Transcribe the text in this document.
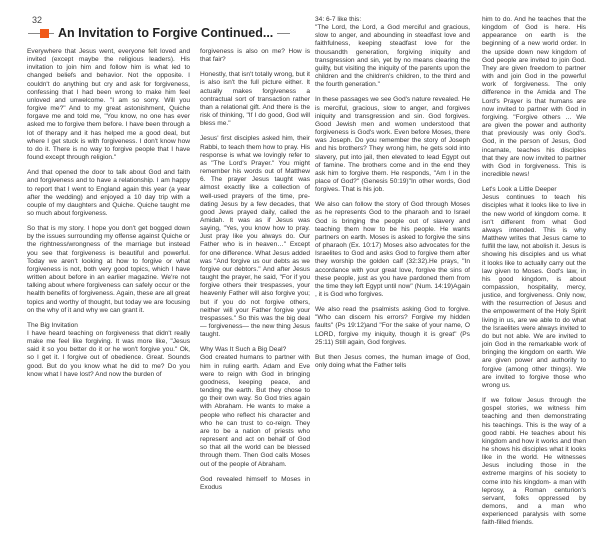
32
An Invitation to Forgive Continued...

Everywhere that Jesus went, everyone felt loved and invited (except maybe the religious leaders). His invitation to join him and follow him is what led to changed beliefs and behavior. Not the opposite. I couldn't do anything but cry and ask for forgiveness, confessing that I had been wrong to make him feel unloved and unwelcome. "I am so sorry. Will you forgive me?" And to my great astonishment, Quiche forgave me and told me, "You know, no one has ever asked me to forgive them before. I have been through a lot of therapy and it has helped me a good deal, but where I get stuck is with forgiveness. I don't know how to do it. There is no way to forgive people that I have found except through religion."

And that opened the door to talk about God and faith and forgiveness and to have a relationship. I am happy to report that I went to England again this year (a year after the wedding) and enjoyed a 10 day trip with a couple of my daughters and Quiche. Quiche taught me so much about forgiveness.

So that is my story. I hope you don't get bogged down by the issues surrounding my offense against Quiche or the rightness/wrongness of the marriage but instead you see that forgiveness is beautiful and powerful. Today we aren't looking at how to forgive or what forgiveness is not, both very good topics, which I have written about before in an earlier magazine. We're not talking about where forgiveness can safely occur or the health benefits of forgiveness. Again, these are all great topics and worthy of thought, but today we are focusing on the why of it and why we can grant it.

The Big Invitation
I have heard teaching on forgiveness that didn't really make me feel like forgiving. It was more like, "Jesus said it so you better do it or he won't forgive you." Ok, so I get it. I forgive out of obedience. Great. Sounds good. But do you know what he did to me? Do you know what I have lost? And now the burden of

forgiveness is also on me? How is that fair?

Honestly, that isn't totally wrong, but it is also isn't the full picture either. It actually makes forgiveness a contractual sort of transaction rather than a relational gift. And there is the risk of thinking, "If I do good, God will bless me."

Jesus' first disciples asked him, their Rabbi, to teach them how to pray. His response is what we lovingly refer to as "The Lord's Prayer." You might remember his words out of Matthew 6. The prayer Jesus taught was almost exactly like a collection of well-used prayers of the time, pre-dating Jesus by a few decades, that good Jews prayed daily, called the Amidah. It was as if Jesus was saying, "Yes, you know how to pray. Just pray like you always do. Our Father who is in heaven…" Except for one difference. What Jesus added was "And forgive us our debts as we forgive our debtors." And after Jesus taught the prayer, he said, "For if you forgive others their trespasses, your heavenly Father will also forgive you; but if you do not forgive others, neither will your Father forgive your trespasses." So this was the big deal— forgiveness— the new thing Jesus taught.

Why Was It Such a Big Deal?
God created humans to partner with him in ruling earth. Adam and Eve were to reign with God in bringing goodness, keeping peace, and tending the earth. But they chose to go their own way. So God tries again with Abraham. He wants to make a people who reflect his character and who he can trust to co-reign. They are to be a nation of priests who represent and act on behalf of God so that all the world can be blessed through them. Then God calls Moses out of the people of Abraham.

God revealed himself to Moses in Exodus

34: 6-7 like this:
"The Lord, the Lord, a God merciful and gracious, slow to anger, and abounding in steadfast love and faithfulness, keeping steadfast love for the thousandth generation, forgiving iniquity and transgression and sin, yet by no means clearing the guilty, but visiting the iniquity of the parents upon the children and the children's children, to the third and the fourth generation."

In these passages we see God's nature revealed. He is merciful, gracious, slow to anger, and forgives iniquity and transgression and sin. God forgives. Good Jewish men and women understood that forgiveness is God's work. Even before Moses, there was Joseph. Do you remember the story of Joseph and his brothers? They wrong him, he gets sold into slavery, put into jail, then elevated to lead Egypt out of famine. The brothers come and in the end they ask him to forgive them. He responds, "Am I in the place of God?" (Genesis 50:19)"In other words, God forgives. That is his job.

We also can follow the story of God through Moses as he represents God to the pharaoh and to Israel God is bringing the people out of slavery and teaching them how to be his people. He wants partners on earth. Moses is asked to forgive the sins of pharaoh (Ex. 10:17) Moses also advocates for the Israelites to God and asks God to forgive them after they worship the golden calf (32:32).He prays, "In accordance with your great love, forgive the sins of these people, just as you have pardoned them from the time they left Egypt until now" (Num. 14:19)Again , it is God who forgives.

We also read the psalmists asking God to forgive. "Who can discern his errors? Forgive my hidden faults" (Ps 19:12)and "For the sake of your name, O LORD, forgive my iniquity, though it is great" (Ps 25:11) Still again, God forgives.

But then Jesus comes, the human image of God, only doing what the Father tells

him to do. And he teaches that the kingdom of God is here. His appearance on earth is the beginning of a new world order. In the upside down new kingdom of God people are invited to join God. They are given freedom to partner with and join God in the powerful work of forgiveness. The only difference in the Amida and The Lord's Prayer is that humans are now invited to partner with God in forgiving. "Forgive others … We are given the power and authority that previously was only God's. God, in the person of Jesus, God incarnate, teaches his disciples that they are now invited to partner with God in forgiveness. This is incredible news!

Let's Look a Little Deeper
Jesus continues to teach his disciples what it looks like to live in the new world of kingdom come. It isn't different from what God always intended. This is why Matthew writes that Jesus came to fulfill the law, not abolish it. Jesus is showing his disciples and us what it looks like to actually carry out the law given to Moses. God's law, in his good kingdom, is about compassion, hospitality, mercy, justice, and forgiveness. Only now, with the resurrection of Jesus and the empowerment of the Holy Spirit living in us, are we able to do what the Israelites were always invited to do but not able. We are invited to join God in the remarkable work of bringing the kingdom on earth. We are given power and authority to forgive (among other things). We are invited to forgive those who wrong us.

If we follow Jesus through the gospel stories, we witness him teaching and then demonstrating his teachings. This is the way of a good rabbi. He teaches about his kingdom and how it works and then he shows his disciples what it looks like in the world. He witnesses Jesus including those in the extreme margins of his society to come into his kingdom- a man with leprosy, a Roman centurion's servant, folks oppressed by demons, and a man who experienced paralysis with some faith-filled friends.
